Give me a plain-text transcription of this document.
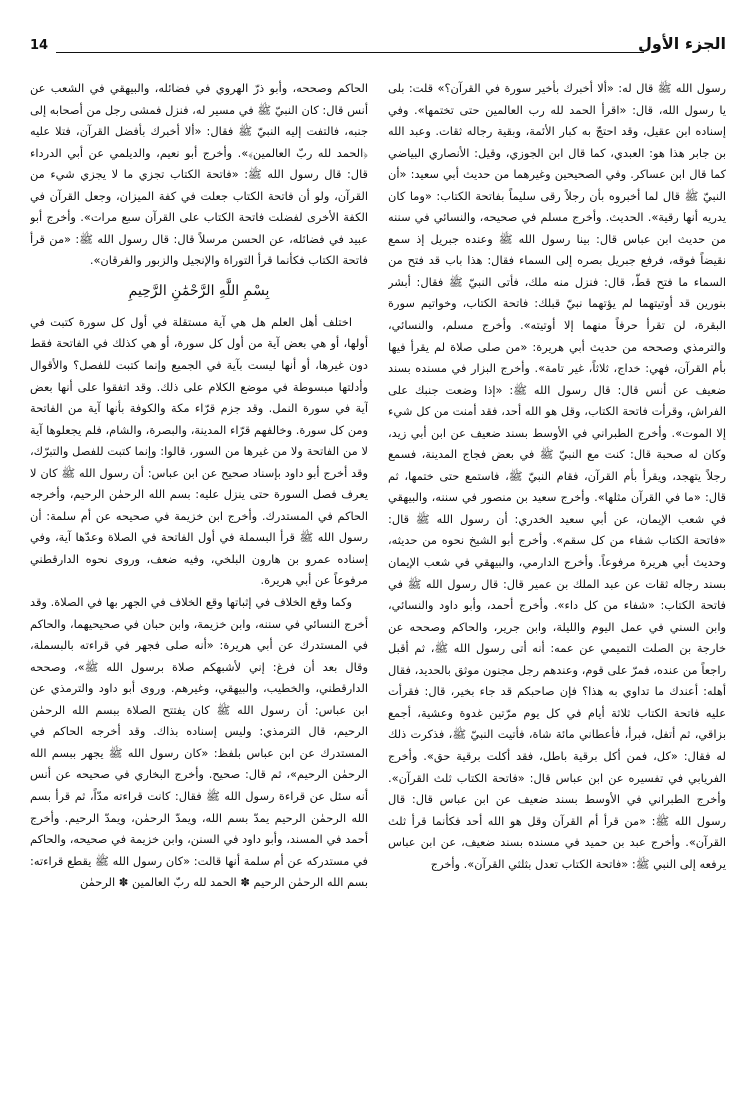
14	الجزء الأول

رسول الله ﷺ قال له: «ألا أخبرك بأخير سورة في القرآن؟» قلت: بلى يا رسول الله، قال: «اقرأ الحمد لله رب العالمين حتى تختمها». وفي إسناده ابن عقيل، وقد احتجّ به كبار الأئمة، وبقية رجاله ثقات. وعبد الله بن جابر هذا هو: العبدي، كما قال ابن الجوزي، وقيل: الأنصاري البياضي كما قال ابن عساكر. وفي الصحيحين وغيرهما من حديث أبي سعيد: «أن النبيّ ﷺ قال لما أخبروه بأن رجلاً رقى سليماً بفاتحة الكتاب: «وما كان يدريه أنها رقية». الحديث. وأخرج مسلم في صحيحه، والنسائي في سننه من حديث ابن عباس قال: بينا رسول الله ﷺ وعنده جبريل إذ سمع نقيضاً فوقه، فرفع جبريل بصره إلى السماء فقال: هذا باب قد فتح من السماء ما فتح قطّ، قال: فنزل منه ملك، فأتى النبيّ ﷺ فقال: أبشر بنورين قد أوتيتهما لم يؤتهما نبيّ قبلك: فاتحة الكتاب، وخواتيم سورة البقرة، لن تقرأ حرفاً منهما إلا أوتيته». وأخرج مسلم، والنسائي، والترمذي وصححه من حديث أبي هريرة: «من صلى صلاة لم يقرأ فيها بأم القرآن، فهي: خداج، ثلاثاً، غير تامة». وأخرج البزار في مسنده بسند ضعيف عن أنس قال: قال رسول الله ﷺ: «إذا وضعت جنبك على الفراش، وقرأت فاتحة الكتاب، وقل هو الله أحد، فقد أمنت من كل شيء إلا الموت». وأخرج الطبراني في الأوسط بسند ضعيف عن ابن أبي زيد، وكان له صحبة قال: كنت مع النبيّ ﷺ في بعض فجاج المدينة، فسمع رجلاً يتهجد، ويقرأ بأم القرآن، فقام النبيّ ﷺ، فاستمع حتى ختمها، ثم قال: «ما في القرآن مثلها». وأخرج سعيد بن منصور في سننه، والبيهقي في شعب الإيمان، عن أبي سعيد الخدري: أن رسول الله ﷺ قال: «فاتحة الكتاب شفاء من كل سقم». وأخرج أبو الشيخ نحوه من حديثه، وحديث أبي هريرة مرفوعاً. وأخرج الدارمي، والبيهقي في شعب الإيمان بسند رجاله ثقات عن عبد الملك بن عمير قال: قال رسول الله ﷺ في فاتحة الكتاب: «شفاء من كل داء». وأخرج أحمد، وأبو داود والنسائي، وابن السني في عمل اليوم والليلة، وابن جرير، والحاكم وصححه عن خارجة بن الصلت التميمي عن عمه: أنه أتى رسول الله ﷺ، ثم أقبل راجعاً من عنده، فمرّ على قوم، وعندهم رجل مجنون موثق بالحديد، فقال أهله: أعندك ما تداوي به هذا؟ فإن صاحبكم قد جاء بخير، قال: فقرأت عليه فاتحة الكتاب ثلاثة أيام في كل يوم مرّتين غدوة وعشية، أجمع بزاقي، ثم أتفل، فبرأ، فأعطاني مائة شاة، فأتيت النبيّ ﷺ، فذكرت ذلك له فقال: «كل، فمن أكل برقية باطل، فقد أكلت برقية حق». وأخرج الفريابي في تفسيره عن ابن عباس قال: «فاتحة الكتاب ثلث القرآن». وأخرج الطبراني في الأوسط بسند ضعيف عن ابن عباس قال: قال رسول الله ﷺ: «من قرأ أم القرآن وقل هو الله أحد فكأنما قرأ ثلث القرآن». وأخرج عبد بن حميد في مسنده بسند ضعيف، عن ابن عباس يرفعه إلى النبي ﷺ: «فاتحة الكتاب تعدل بثلثي القرآن». وأخرج

الحاكم وصححه، وأبو ذرّ الهروي في فضائله، والبيهقي في الشعب عن أنس قال: كان النبيّ ﷺ في مسير له، فنزل فمشى رجل من أصحابه إلى جنبه، فالتفت إليه النبيّ ﷺ فقال: «ألا أخبرك بأفضل القرآن، فتلا عليه ﴿الحمد لله ربّ العالمين﴾». وأخرج أبو نعيم، والديلمي عن أبي الدرداء قال: قال رسول الله ﷺ: «فاتحة الكتاب تجزي ما لا يجزي شيء من القرآن، ولو أن فاتحة الكتاب جعلت في كفة الميزان، وجعل القرآن في الكفة الأخرى لفضلت فاتحة الكتاب على القرآن سبع مرات». وأخرج أبو عبيد في فضائله، عن الحسن مرسلاً قال: قال رسول الله ﷺ: «من قرأ فاتحة الكتاب فكأنما قرأ التوراة والإنجيل والزبور والفرقان».

بِسْمِ اللَّهِ الرَّحْمَٰنِ الرَّحِيمِ

اختلف أهل العلم هل هي آية مستقلة في أول كل سورة كتبت في أولها، أو هي بعض آية من أول كل سورة، أو هي كذلك في الفاتحة فقط دون غيرها، أو أنها ليست بآية في الجميع وإنما كتبت للفصل؟ والأقوال وأدلتها مبسوطة في موضع الكلام على ذلك. وقد اتفقوا على أنها بعض آية في سورة النمل. وقد جزم قرّاء مكة والكوفة بأنها آية من الفاتحة ومن كل سورة. وخالفهم قرّاء المدينة، والبصرة، والشام، فلم يجعلوها آية لا من الفاتحة ولا من غيرها من السور، قالوا: وإنما كتبت للفصل والتبرّك، وقد أخرج أبو داود بإسناد صحيح عن ابن عباس: أن رسول الله ﷺ كان لا يعرف فصل السورة حتى ينزل عليه: بسم الله الرحمٰن الرحيم، وأخرجه الحاكم في المستدرك. وأخرج ابن خزيمة في صحيحه عن أم سلمة: أن رسول الله ﷺ قرأ البسملة في أول الفاتحة في الصلاة وعدّها آية، وفي إسناده عمرو بن هارون البلخي، وفيه ضعف، وروى نحوه الدارقطني مرفوعاً عن أبي هريرة.

وكما وقع الخلاف في إثباتها وقع الخلاف في الجهر بها في الصلاة. وقد أخرج النسائي في سننه، وابن خزيمة، وابن حبان في صحيحيهما، والحاكم في المستدرك عن أبي هريرة: «أنه صلى فجهر في قراءته بالبسملة، وقال بعد أن فرغ: إني لأشبهكم صلاة برسول الله ﷺ»، وصححه الدارقطني، والخطيب، والبيهقي، وغيرهم. وروى أبو داود والترمذي عن ابن عباس: أن رسول الله ﷺ كان يفتتح الصلاة ببسم الله الرحمٰن الرحيم، قال الترمذي: وليس إسناده بذاك. وقد أخرجه الحاكم في المستدرك عن ابن عباس بلفظ: «كان رسول الله ﷺ يجهر ببسم الله الرحمٰن الرحيم»، ثم قال: صحيح. وأخرج البخاري في صحيحه عن أنس أنه سئل عن قراءة رسول الله ﷺ فقال: كانت قراءته مدّاً، ثم قرأ بسم الله الرحمٰن الرحيم يمدّ بسم الله، ويمدّ الرحمٰن، ويمدّ الرحيم. وأخرج أحمد في المسند، وأبو داود في السنن، وابن خزيمة في صحيحه، والحاكم في مستدركه عن أم سلمة أنها قالت: «كان رسول الله ﷺ يقطع قراءته: بسم الله الرحمٰن الرحيم ✽ الحمد لله ربّ العالمين ✽ الرحمٰن
